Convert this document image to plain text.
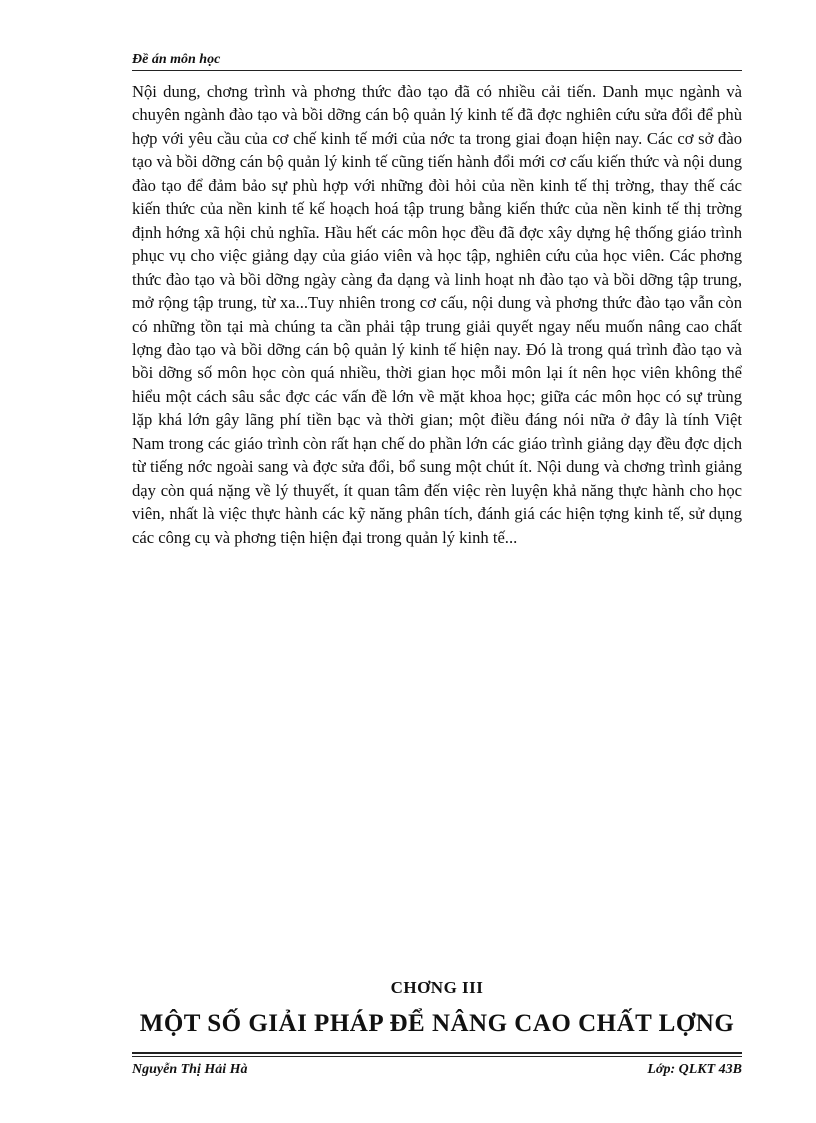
Đề án môn học

Nội dung, chơng trình và phơng thức đào tạo đã có nhiều cải tiến. Danh mục ngành và chuyên ngành đào tạo và bồi dỡng cán bộ quản lý kinh tế đã đợc nghiên cứu sửa đổi để phù hợp với yêu cầu của cơ chế kinh tế mới của nớc ta trong giai đoạn hiện nay. Các cơ sở đào tạo và bồi dỡng cán bộ quản lý kinh tế cũng tiến hành đổi mới cơ cấu kiến thức và nội dung đào tạo để đảm bảo sự phù hợp với những đòi hỏi của nền kinh tế thị trờng, thay thế các kiến thức của nền kinh tế kế hoạch hoá tập trung bằng kiến thức của nền kinh tế thị trờng định hớng xã hội chủ nghĩa. Hầu hết các môn học đều đã đợc xây dựng hệ thống giáo trình phục vụ cho việc giảng dạy của giáo viên và học tập, nghiên cứu của học viên. Các phơng thức đào tạo và bồi dỡng ngày càng đa dạng và linh hoạt nh đào tạo và bồi dỡng tập trung, mở rộng tập trung, từ xa...Tuy nhiên trong cơ cấu, nội dung và phơng thức đào tạo vẫn còn có những tồn tại mà chúng ta cần phải tập trung giải quyết ngay nếu muốn nâng cao chất lợng đào tạo và bồi dỡng cán bộ quản lý kinh tế hiện nay. Đó là trong quá trình đào tạo và bồi dỡng số môn học còn quá nhiều, thời gian học mỗi môn lại ít nên học viên không thể hiểu một cách sâu sắc đợc các vấn đề lớn về mặt khoa học; giữa các môn học có sự trùng lặp khá lớn gây lãng phí tiền bạc và thời gian; một điều đáng nói nữa ở đây là tính Việt Nam trong các giáo trình còn rất hạn chế do phần lớn các giáo trình giảng dạy đều đợc dịch từ tiếng nớc ngoài sang và đợc sửa đổi, bổ sung một chút ít. Nội dung và chơng trình giảng dạy còn quá nặng về lý thuyết, ít quan tâm đến việc rèn luyện khả năng thực hành cho học viên, nhất là việc thực hành các kỹ năng phân tích, đánh giá các hiện tợng kinh tế, sử dụng các công cụ và phơng tiện hiện đại trong quản lý kinh tế...

CHƠNG III
MỘT SỐ GIẢI PHÁP ĐỂ NÂNG CAO CHẤT LỢNG
Nguyễn Thị Hải Hà	Lớp: QLKT 43B
